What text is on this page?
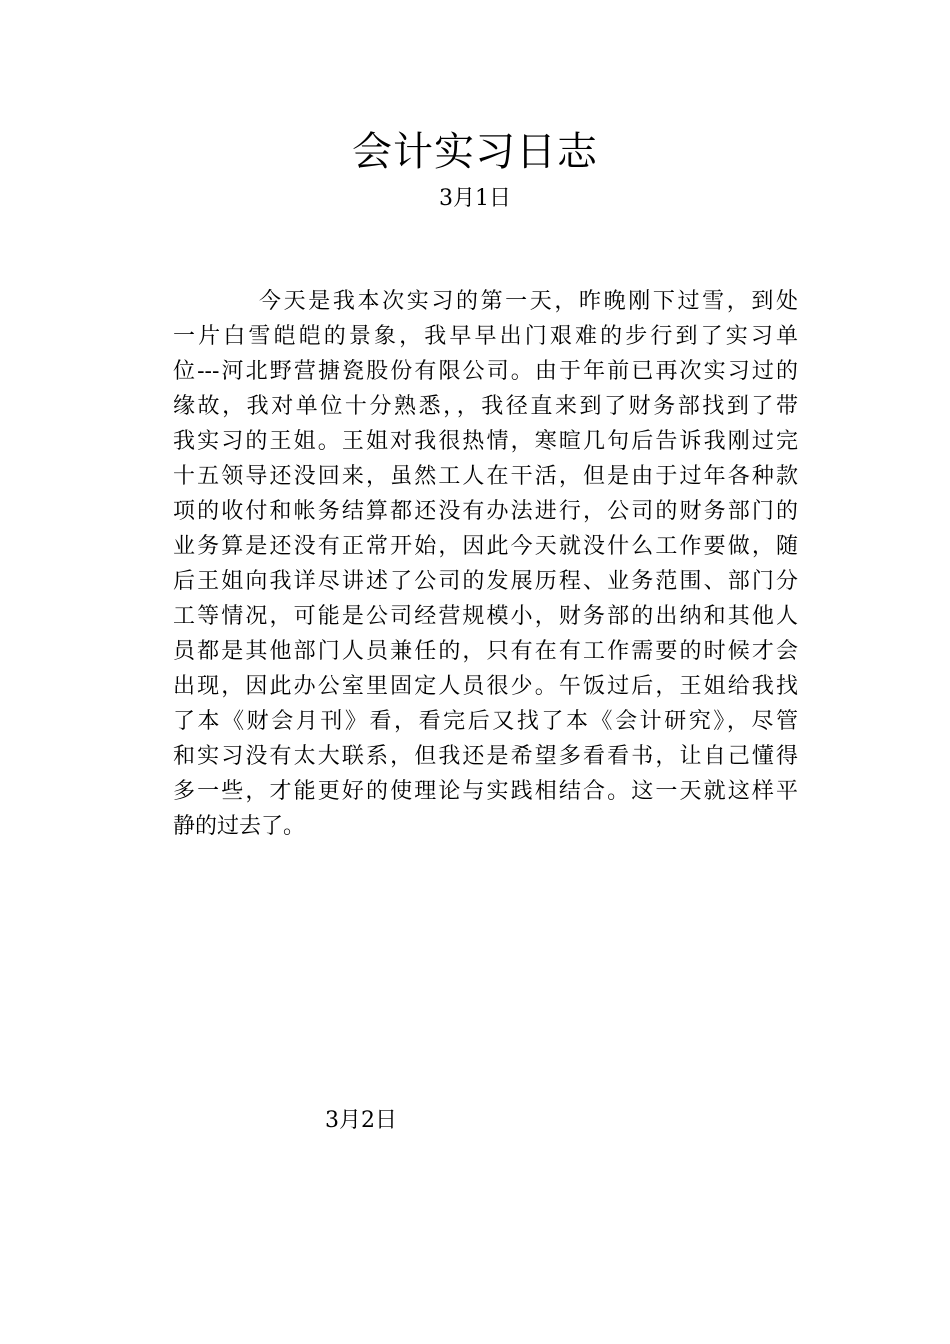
会计实习日志
3月1日
今天是我本次实习的第一天，昨晚刚下过雪，到处
一片白雪皑皑的景象，我早早出门艰难的步行到了实习单
位---河北野营搪瓷股份有限公司。由于年前已再次实习过的
缘故，我对单位十分熟悉，，我径直来到了财务部找到了带
我实习的王姐。王姐对我很热情，寒暄几句后告诉我刚过完
十五领导还没回来，虽然工人在干活，但是由于过年各种款
项的收付和帐务结算都还没有办法进行，公司的财务部门的
业务算是还没有正常开始，因此今天就没什么工作要做，随
后王姐向我详尽讲述了公司的发展历程、业务范围、部门分
工等情况，可能是公司经营规模小，财务部的出纳和其他人
员都是其他部门人员兼任的，只有在有工作需要的时候才会
出现，因此办公室里固定人员很少。午饭过后，王姐给我找
了本《财会月刊》看，看完后又找了本《会计研究》，尽管
和实习没有太大联系，但我还是希望多看看书，让自己懂得
多一些，才能更好的使理论与实践相结合。这一天就这样平
静的过去了。
3月2日
